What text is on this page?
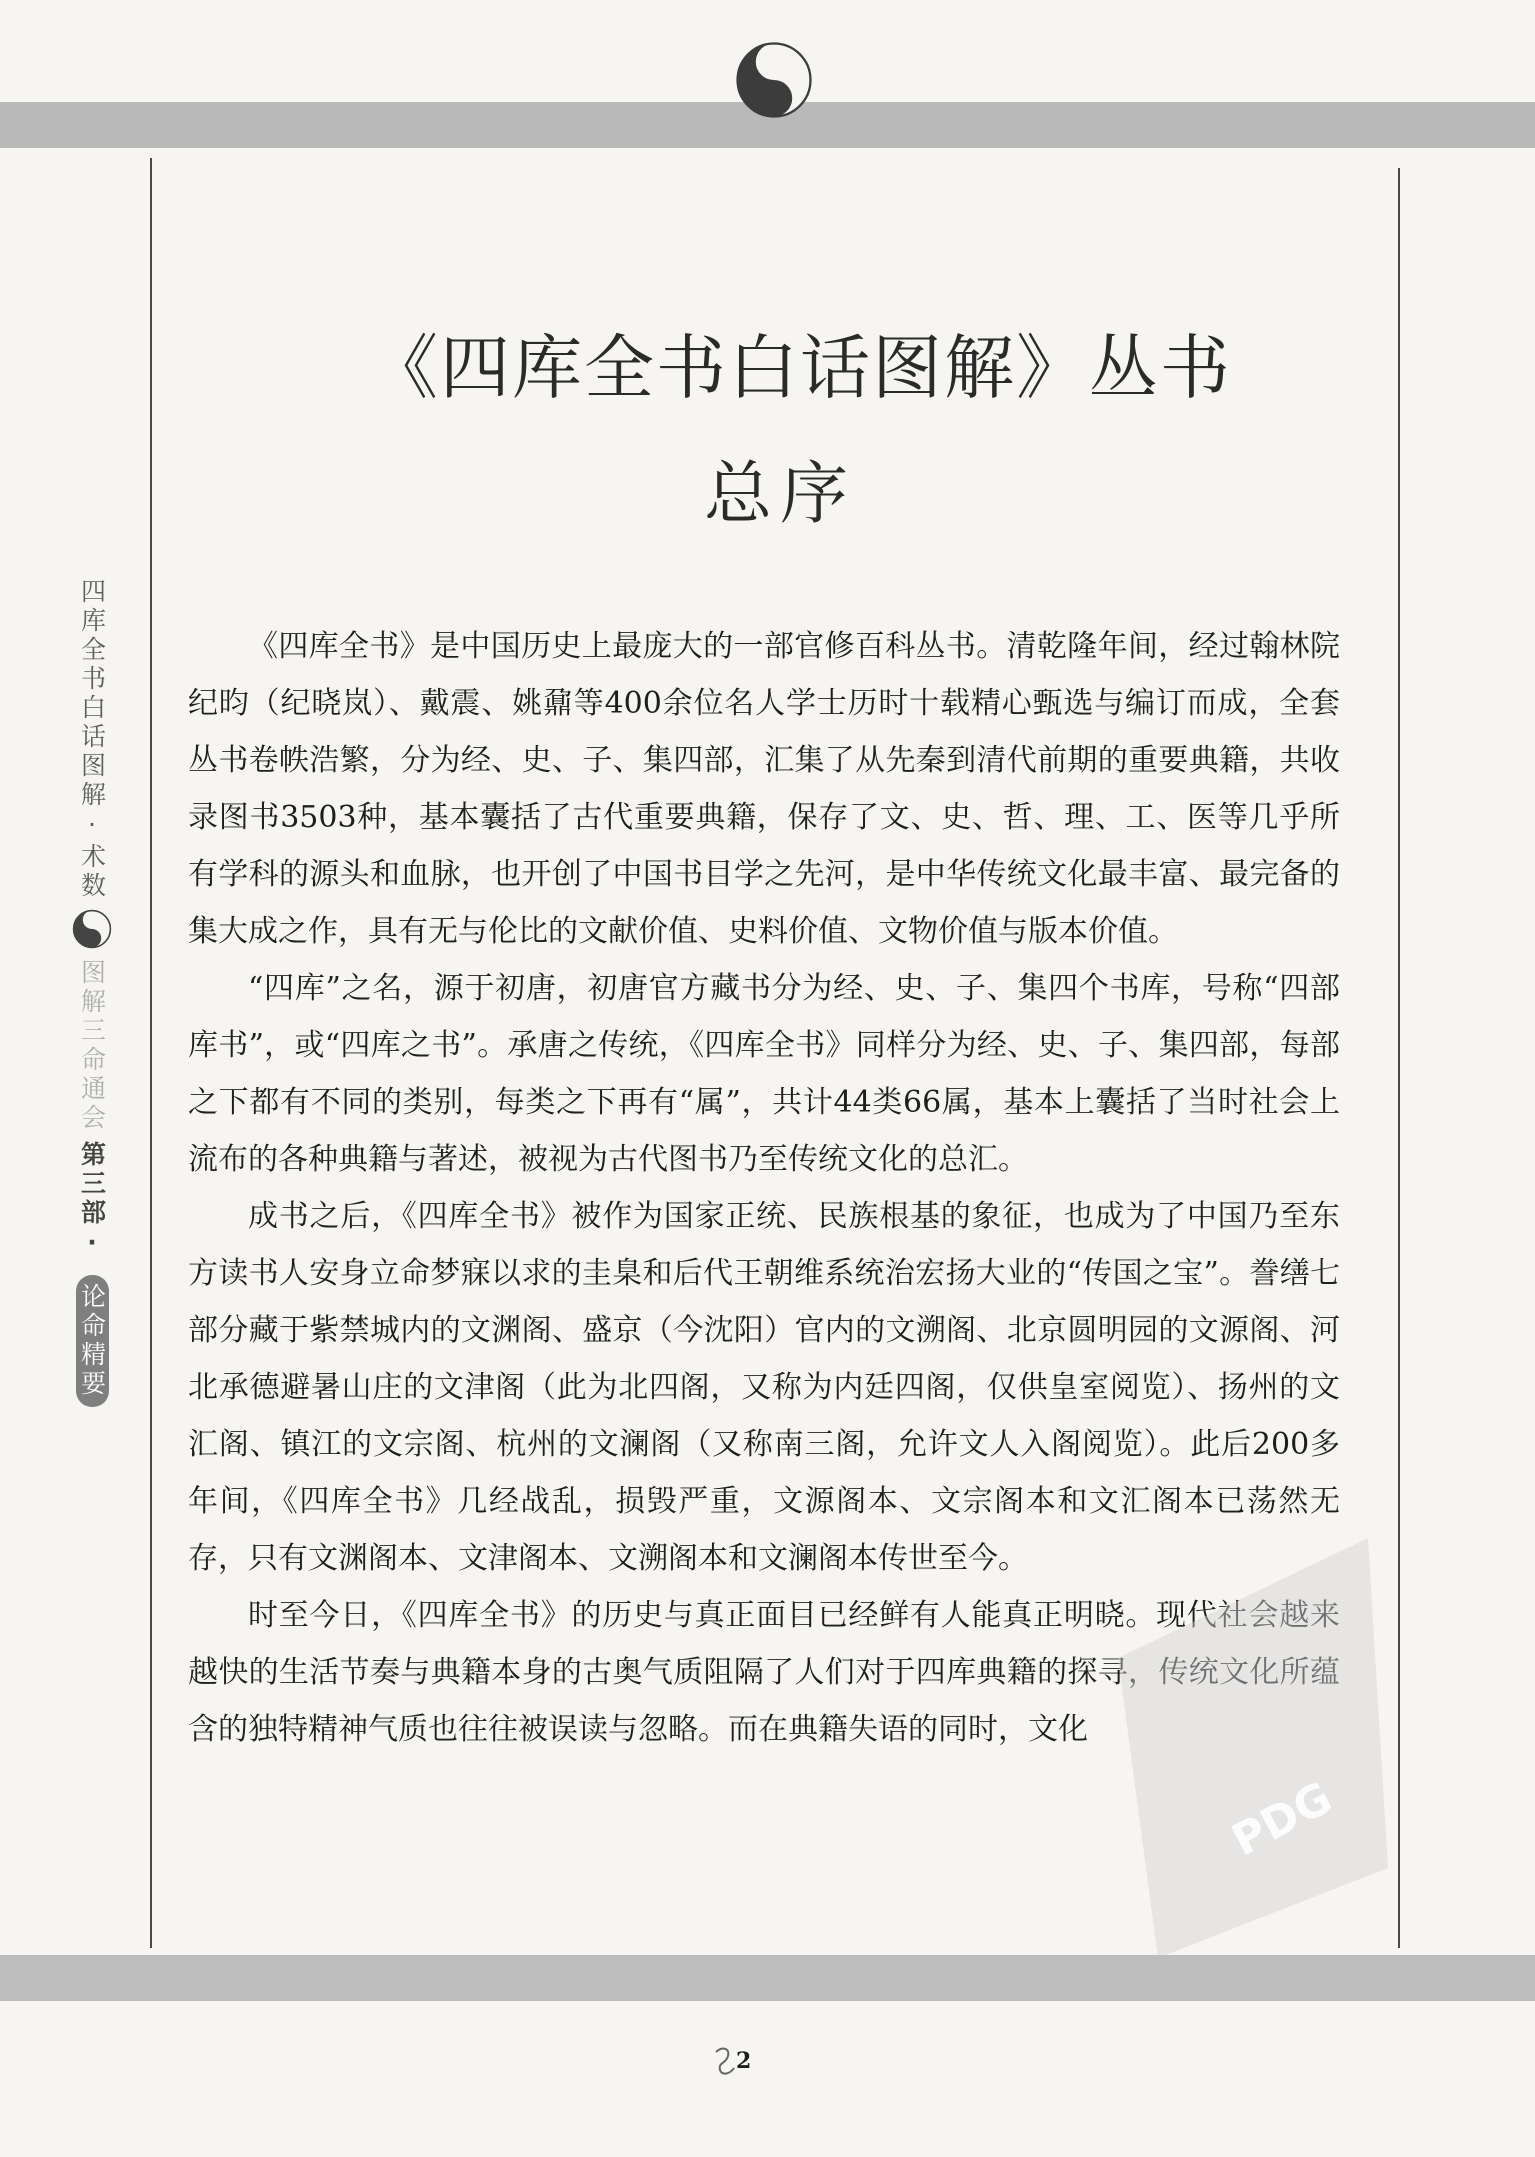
四库全书白话图解·术数
图解三命通会
第三部·
论命精要
《四库全书白话图解》丛书
总序

《四库全书》是中国历史上最庞大的一部官修百科丛书。清乾隆年间，经过翰林院纪昀（纪晓岚）、戴震、姚鼐等400余位名人学士历时十载精心甄选与编订而成，全套丛书卷帙浩繁，分为经、史、子、集四部，汇集了从先秦到清代前期的重要典籍，共收录图书3503种，基本囊括了古代重要典籍，保存了文、史、哲、理、工、医等几乎所有学科的源头和血脉，也开创了中国书目学之先河，是中华传统文化最丰富、最完备的集大成之作，具有无与伦比的文献价值、史料价值、文物价值与版本价值。

“四库”之名，源于初唐，初唐官方藏书分为经、史、子、集四个书库，号称“四部库书”，或“四库之书”。承唐之传统，《四库全书》同样分为经、史、子、集四部，每部之下都有不同的类别，每类之下再有“属”，共计44类66属，基本上囊括了当时社会上流布的各种典籍与著述，被视为古代图书乃至传统文化的总汇。

成书之后，《四库全书》被作为国家正统、民族根基的象征，也成为了中国乃至东方读书人安身立命梦寐以求的圭臬和后代王朝维系统治宏扬大业的“传国之宝”。誊缮七部分藏于紫禁城内的文渊阁、盛京（今沈阳）官内的文溯阁、北京圆明园的文源阁、河北承德避暑山庄的文津阁（此为北四阁，又称为内廷四阁，仅供皇室阅览）、扬州的文汇阁、镇江的文宗阁、杭州的文澜阁（又称南三阁，允许文人入阁阅览）。此后200多年间，《四库全书》几经战乱，损毁严重，文源阁本、文宗阁本和文汇阁本已荡然无存，只有文渊阁本、文津阁本、文溯阁本和文澜阁本传世至今。

时至今日，《四库全书》的历史与真正面目已经鲜有人能真正明晓。现代社会越来越快的生活节奏与典籍本身的古奥气质阻隔了人们对于四库典籍的探寻，传统文化所蕴含的独特精神气质也往往被误读与忽略。而在典籍失语的同时，文化

PDG
2
